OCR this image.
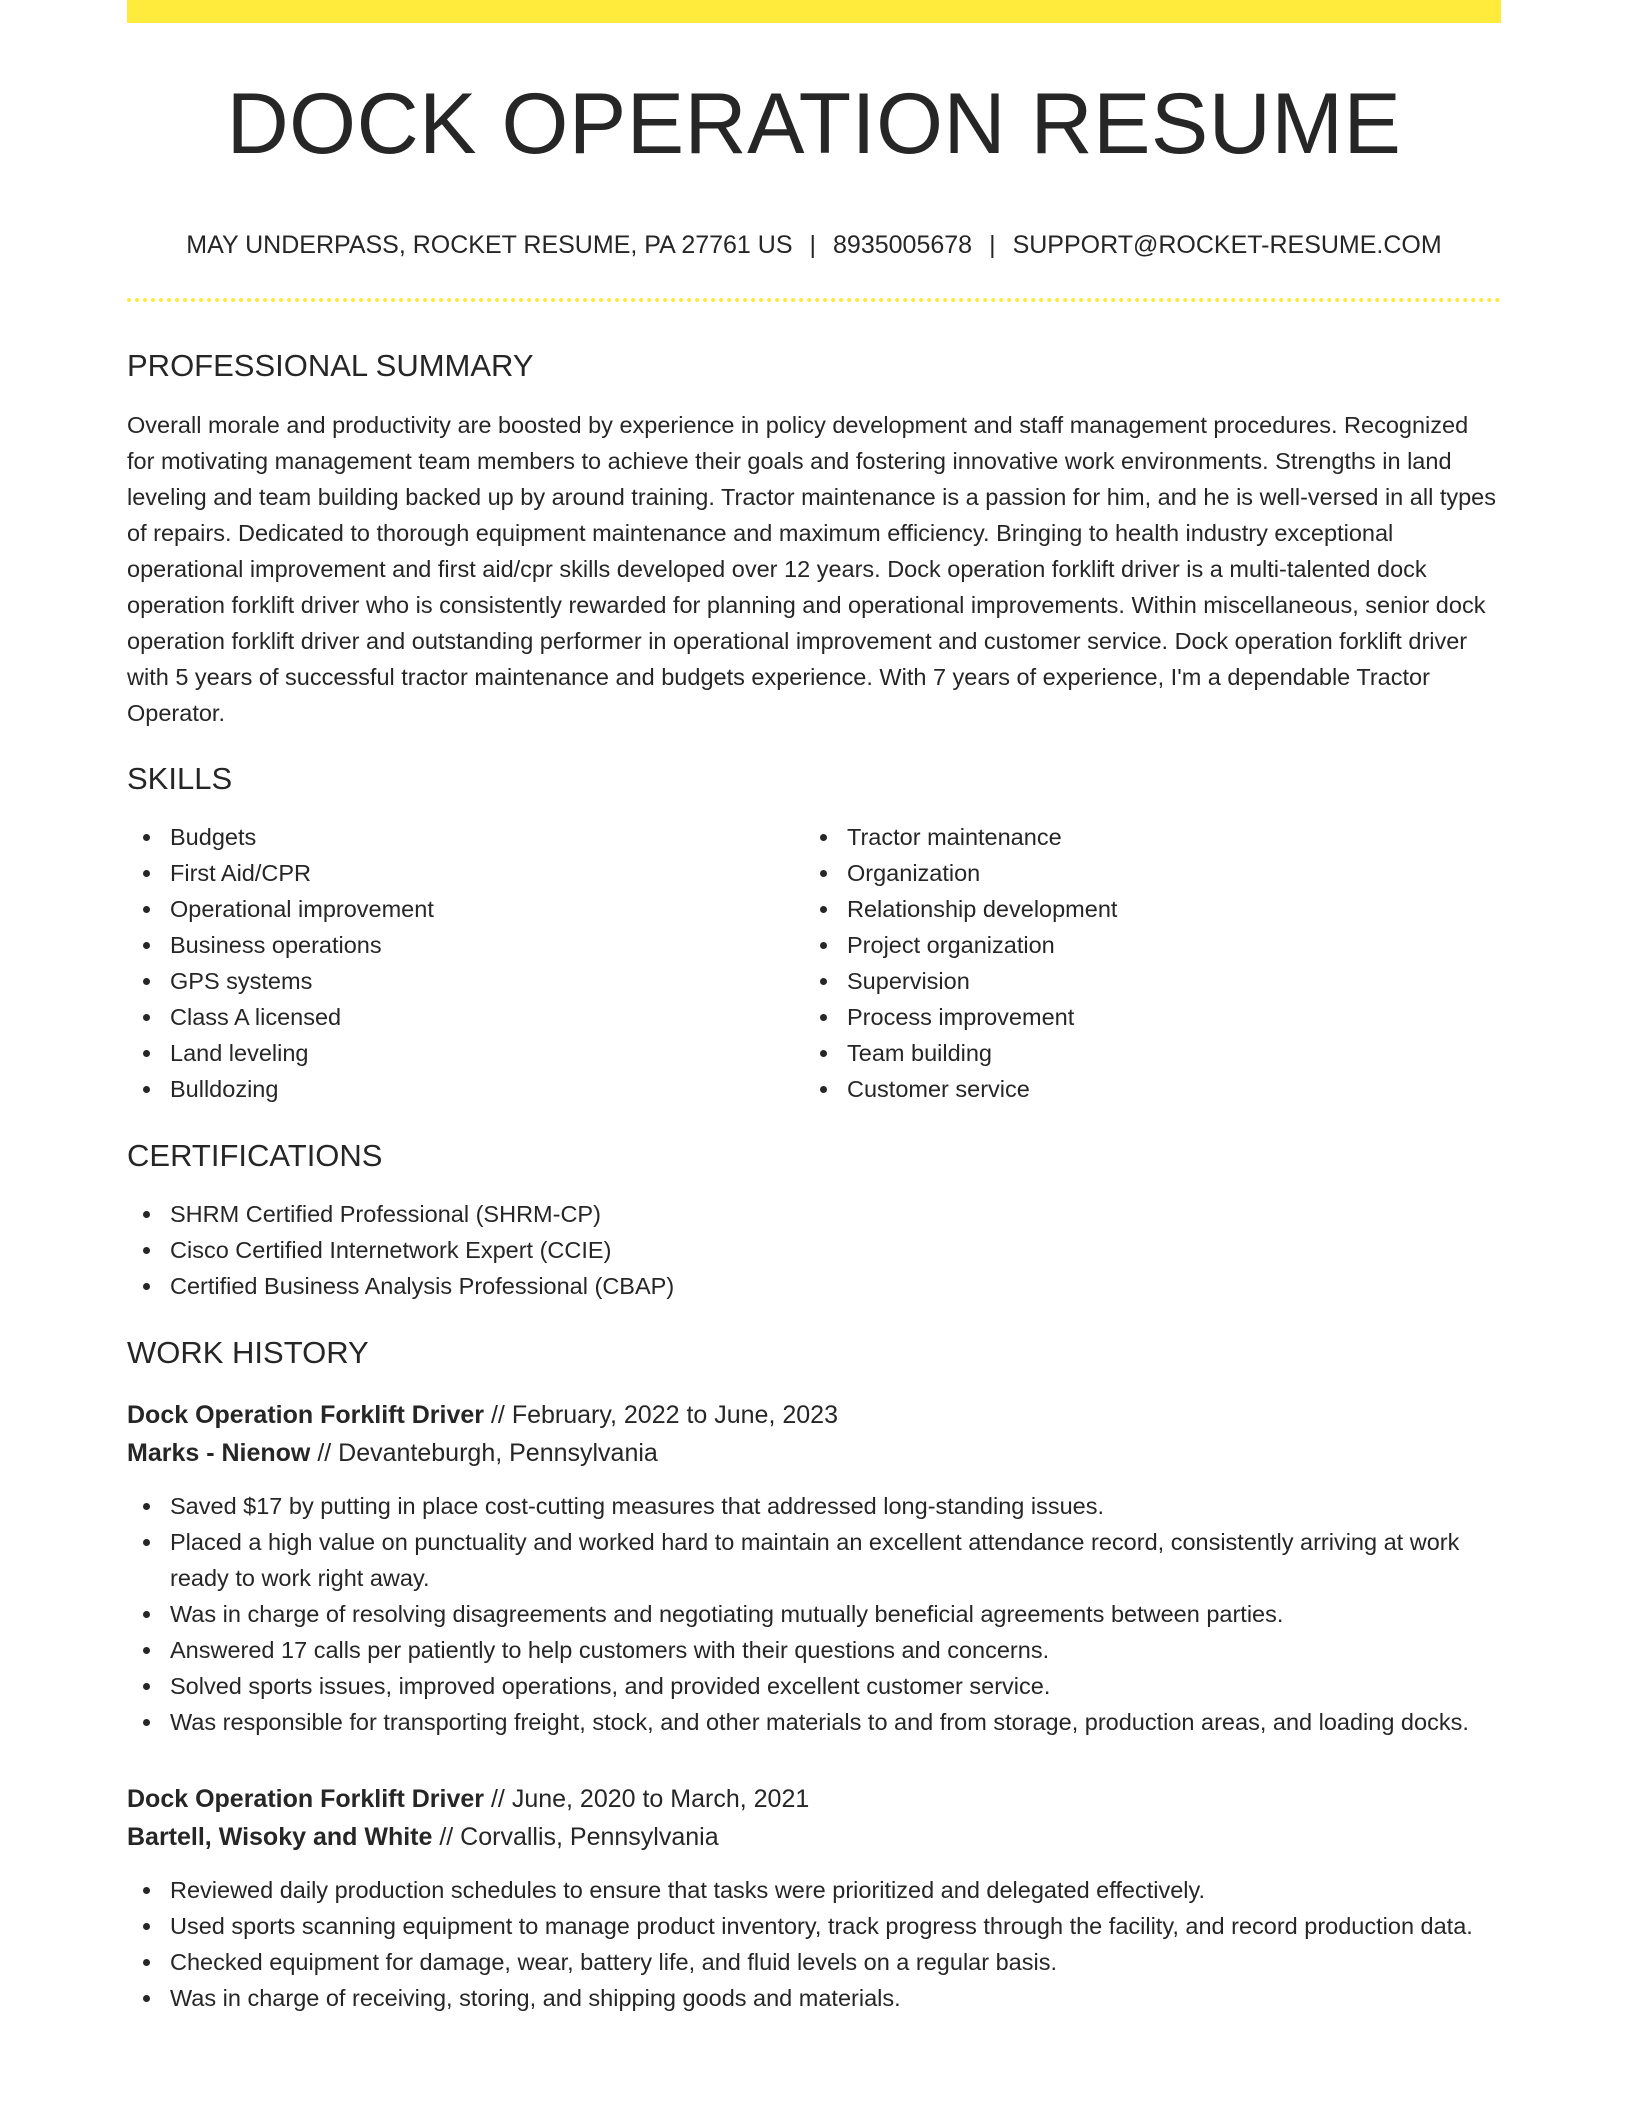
DOCK OPERATION RESUME
MAY UNDERPASS, ROCKET RESUME, PA 27761 US | 8935005678 | SUPPORT@ROCKET-RESUME.COM
PROFESSIONAL SUMMARY

Overall morale and productivity are boosted by experience in policy development and staff management procedures. Recognized for motivating management team members to achieve their goals and fostering innovative work environments. Strengths in land leveling and team building backed up by around training. Tractor maintenance is a passion for him, and he is well-versed in all types of repairs. Dedicated to thorough equipment maintenance and maximum efficiency. Bringing to health industry exceptional operational improvement and first aid/cpr skills developed over 12 years. Dock operation forklift driver is a multi-talented dock operation forklift driver who is consistently rewarded for planning and operational improvements. Within miscellaneous, senior dock operation forklift driver and outstanding performer in operational improvement and customer service. Dock operation forklift driver with 5 years of successful tractor maintenance and budgets experience. With 7 years of experience, I'm a dependable Tractor Operator.

SKILLS
Budgets
First Aid/CPR
Operational improvement
Business operations
GPS systems
Class A licensed
Land leveling
Bulldozing
Tractor maintenance
Organization
Relationship development
Project organization
Supervision
Process improvement
Team building
Customer service
CERTIFICATIONS
SHRM Certified Professional (SHRM-CP)
Cisco Certified Internetwork Expert (CCIE)
Certified Business Analysis Professional (CBAP)
WORK HISTORY
Dock Operation Forklift Driver // February, 2022 to June, 2023
Marks - Nienow // Devanteburgh, Pennsylvania
Saved $17 by putting in place cost-cutting measures that addressed long-standing issues.
Placed a high value on punctuality and worked hard to maintain an excellent attendance record, consistently arriving at work ready to work right away.
Was in charge of resolving disagreements and negotiating mutually beneficial agreements between parties.
Answered 17 calls per patiently to help customers with their questions and concerns.
Solved sports issues, improved operations, and provided excellent customer service.
Was responsible for transporting freight, stock, and other materials to and from storage, production areas, and loading docks.
Dock Operation Forklift Driver // June, 2020 to March, 2021
Bartell, Wisoky and White // Corvallis, Pennsylvania
Reviewed daily production schedules to ensure that tasks were prioritized and delegated effectively.
Used sports scanning equipment to manage product inventory, track progress through the facility, and record production data.
Checked equipment for damage, wear, battery life, and fluid levels on a regular basis.
Was in charge of receiving, storing, and shipping goods and materials.
